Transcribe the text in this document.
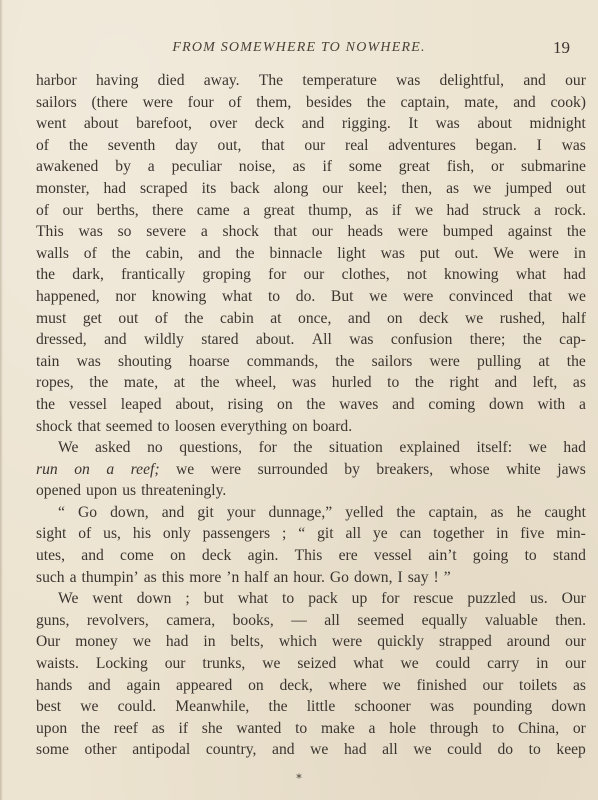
FROM SOMEWHERE TO NOWHERE.	19
harbor having died away. The temperature was delightful, and our
sailors (there were four of them, besides the captain, mate, and cook)
went about barefoot, over deck and rigging. It was about midnight
of the seventh day out, that our real adventures began. I was
awakened by a peculiar noise, as if some great fish, or submarine
monster, had scraped its back along our keel; then, as we jumped out
of our berths, there came a great thump, as if we had struck a rock.
This was so severe a shock that our heads were bumped against the
walls of the cabin, and the binnacle light was put out. We were in
the dark, frantically groping for our clothes, not knowing what had
happened, nor knowing what to do. But we were convinced that we
must get out of the cabin at once, and on deck we rushed, half
dressed, and wildly stared about. All was confusion there; the cap-
tain was shouting hoarse commands, the sailors were pulling at the
ropes, the mate, at the wheel, was hurled to the right and left, as
the vessel leaped about, rising on the waves and coming down with a
shock that seemed to loosen everything on board.
We asked no questions, for the situation explained itself: we had
run on a reef; we were surrounded by breakers, whose white jaws
opened upon us threateningly.
“ Go down, and git your dunnage,” yelled the captain, as he caught
sight of us, his only passengers ; “ git all ye can together in five min-
utes, and come on deck agin. This ere vessel ain’t going to stand
such a thumpin’ as this more ’n half an hour. Go down, I say ! ”
We went down ; but what to pack up for rescue puzzled us. Our
guns, revolvers, camera, books, — all seemed equally valuable then.
Our money we had in belts, which were quickly strapped around our
waists. Locking our trunks, we seized what we could carry in our
hands and again appeared on deck, where we finished our toilets as
best we could. Meanwhile, the little schooner was pounding down
upon the reef as if she wanted to make a hole through to China, or
some other antipodal country, and we had all we could do to keep
*
